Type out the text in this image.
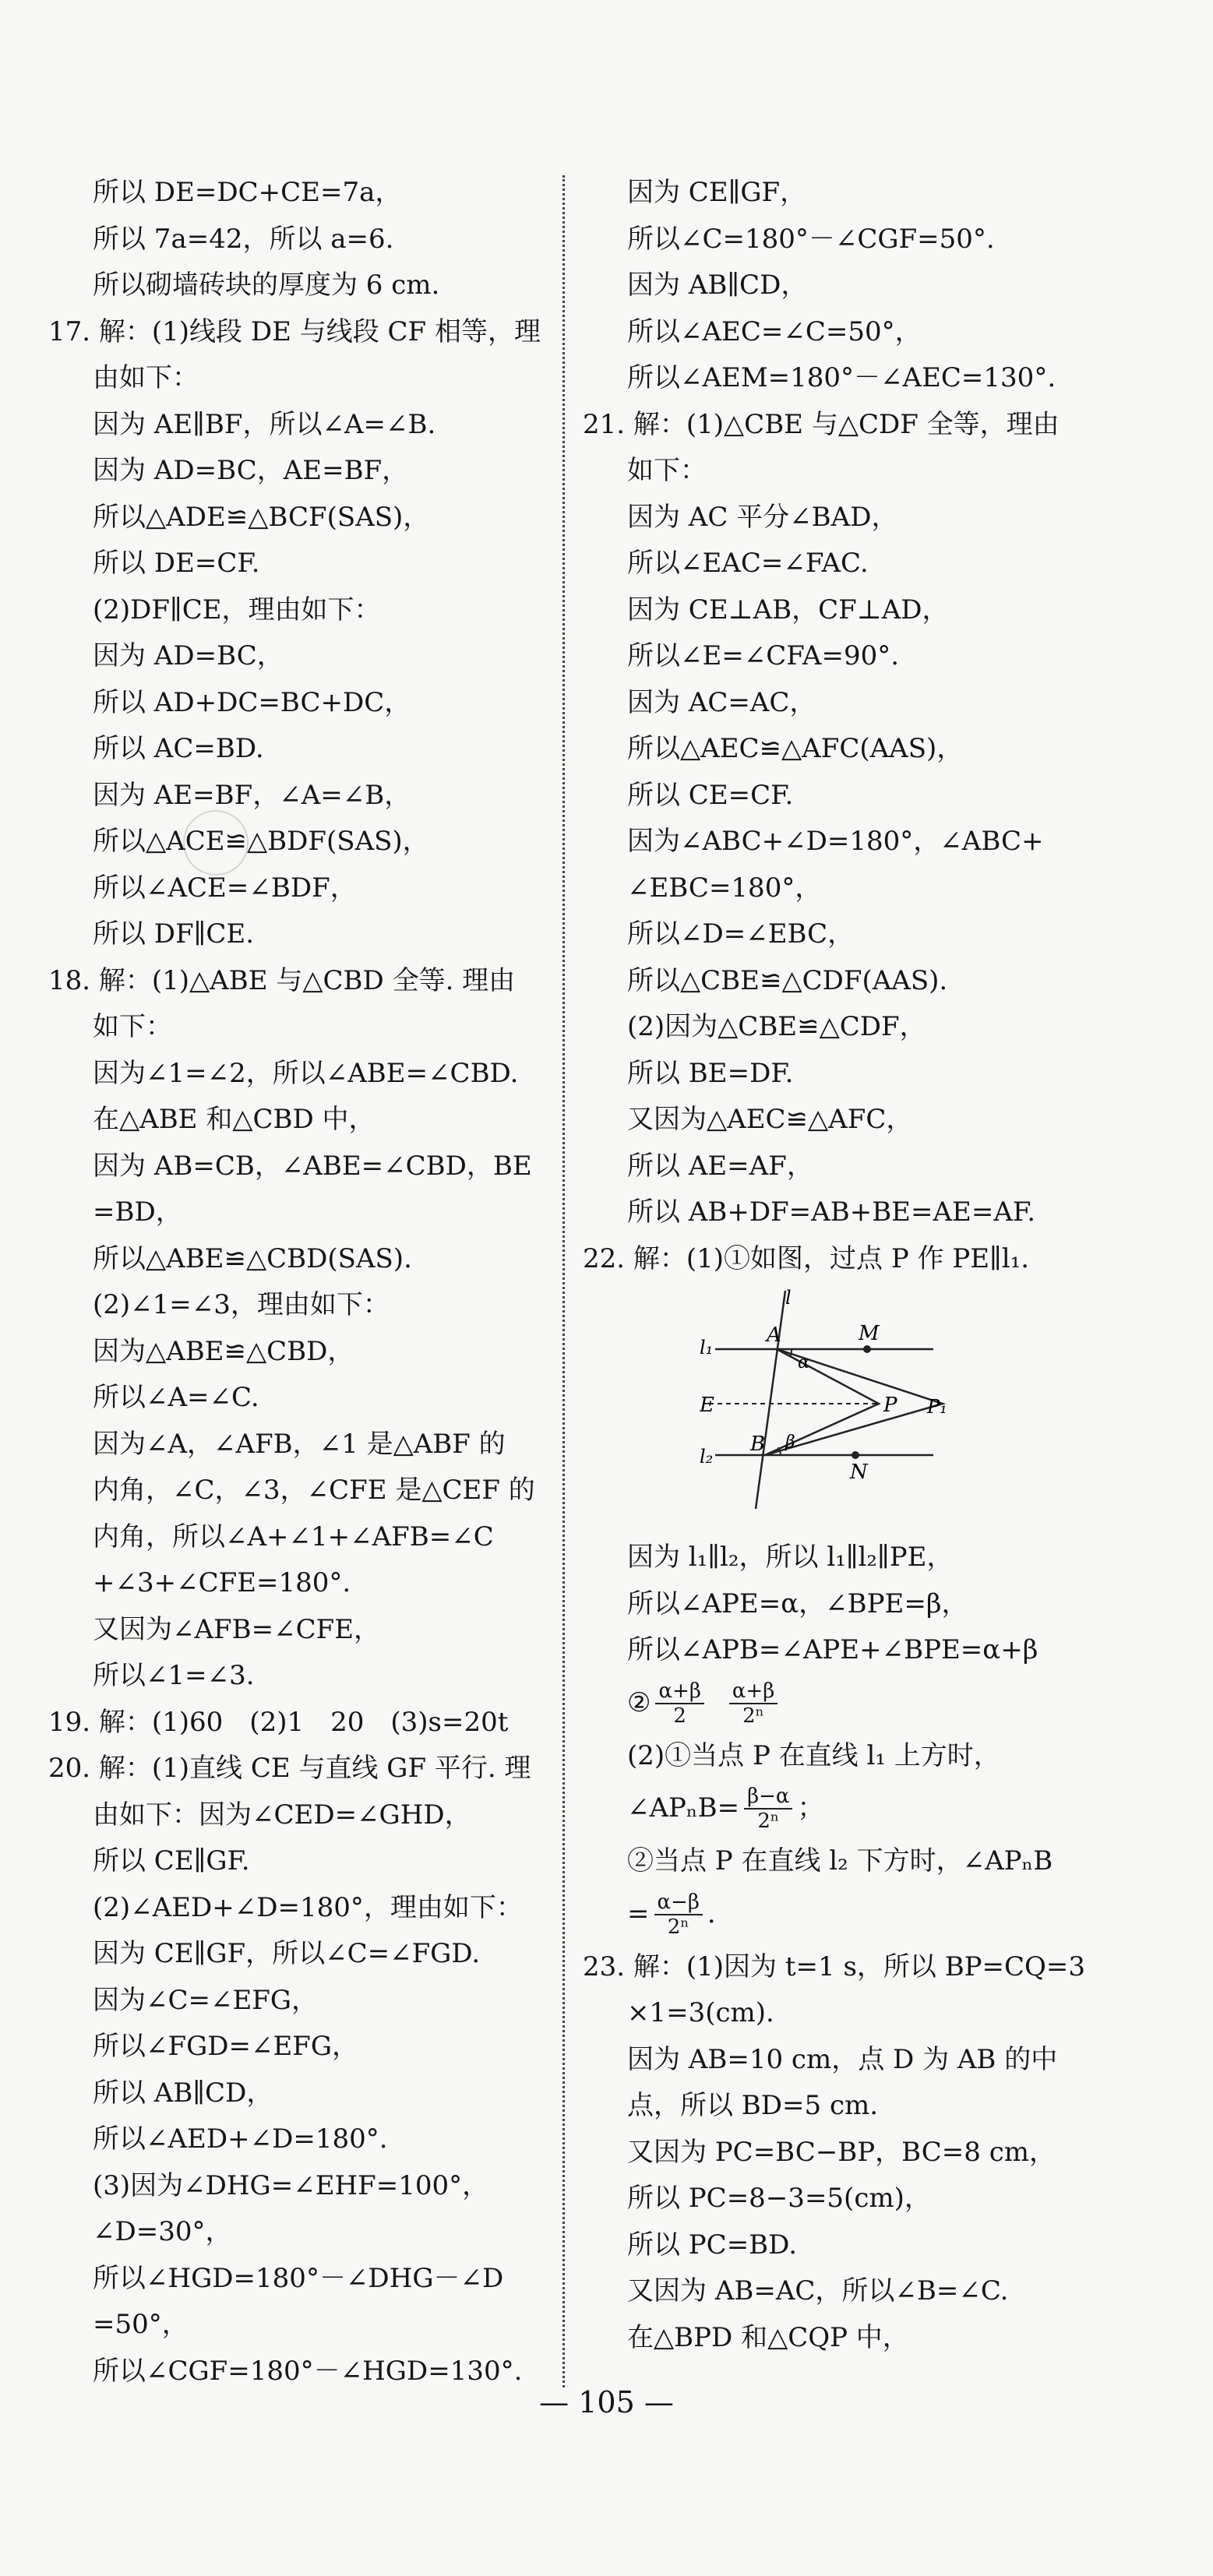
所以 DE=DC+CE=7a，
所以 7a=42，所以 a=6.
所以砌墙砖块的厚度为 6 cm.
17. 解：(1)线段 DE 与线段 CF 相等，理
由如下：
因为 AE∥BF，所以∠A=∠B.
因为 AD=BC，AE=BF，
所以△ADE≌△BCF(SAS)，
所以 DE=CF.
(2)DF∥CE，理由如下：
因为 AD=BC，
所以 AD+DC=BC+DC，
所以 AC=BD.
因为 AE=BF，∠A=∠B，
所以△ACE≌△BDF(SAS)，
所以∠ACE=∠BDF，
所以 DF∥CE.
18. 解：(1)△ABE 与△CBD 全等. 理由
如下：
因为∠1=∠2，所以∠ABE=∠CBD.
在△ABE 和△CBD 中，
因为 AB=CB，∠ABE=∠CBD，BE
=BD，
所以△ABE≌△CBD(SAS).
(2)∠1=∠3，理由如下：
因为△ABE≌△CBD，
所以∠A=∠C.
因为∠A，∠AFB，∠1 是△ABF 的
内角，∠C，∠3，∠CFE 是△CEF 的
内角，所以∠A+∠1+∠AFB=∠C
+∠3+∠CFE=180°.
又因为∠AFB=∠CFE，
所以∠1=∠3.
19. 解：(1)60　(2)1　20　(3)s=20t
20. 解：(1)直线 CE 与直线 GF 平行. 理
由如下：因为∠CED=∠GHD，
所以 CE∥GF.
(2)∠AED+∠D=180°，理由如下：
因为 CE∥GF，所以∠C=∠FGD.
因为∠C=∠EFG，
所以∠FGD=∠EFG，
所以 AB∥CD，
所以∠AED+∠D=180°.
(3)因为∠DHG=∠EHF=100°，
∠D=30°，
所以∠HGD=180°－∠DHG－∠D
=50°，
所以∠CGF=180°－∠HGD=130°.
因为 CE∥GF，
所以∠C=180°－∠CGF=50°.
因为 AB∥CD，
所以∠AEC=∠C=50°，
所以∠AEM=180°－∠AEC=130°.
21. 解：(1)△CBE 与△CDF 全等，理由
如下：
因为 AC 平分∠BAD，
所以∠EAC=∠FAC.
因为 CE⊥AB，CF⊥AD，
所以∠E=∠CFA=90°.
因为 AC=AC，
所以△AEC≌△AFC(AAS)，
所以 CE=CF.
因为∠ABC+∠D=180°，∠ABC+
∠EBC=180°，
所以∠D=∠EBC，
所以△CBE≌△CDF(AAS).
(2)因为△CBE≌△CDF，
所以 BE=DF.
又因为△AEC≌△AFC，
所以 AE=AF，
所以 AB+DF=AB+BE=AE=AF.
22. 解：(1)①如图，过点 P 作 PE∥l₁.
l
l₁
l₂
A	M
α
E	P P₁
B β
N
因为 l₁∥l₂，所以 l₁∥l₂∥PE，
所以∠APE=α，∠BPE=β，
所以∠APB=∠APE+∠BPE=α+β
② $\frac{\alpha+\beta}{2} \frac{\alpha+\beta}{\text{2ⁿ}}$
(2)①当点 P 在直线 l₁ 上方时，
∠APₙB= $\frac{\beta-\alpha}{\text{2ⁿ}}$ ；
②当点 P 在直线 l₂ 下方时，∠APₙB
= $\frac{\alpha-\beta}{\text{2ⁿ}}$ .
23. 解：(1)因为 t=1 s，所以 BP=CQ=3
×1=3(cm).
因为 AB=10 cm，点 D 为 AB 的中
点，所以 BD=5 cm.
又因为 PC=BC−BP，BC=8 cm，
所以 PC=8−3=5(cm)，
所以 PC=BD.
又因为 AB=AC，所以∠B=∠C.
在△BPD 和△CQP 中，
— 105 —
